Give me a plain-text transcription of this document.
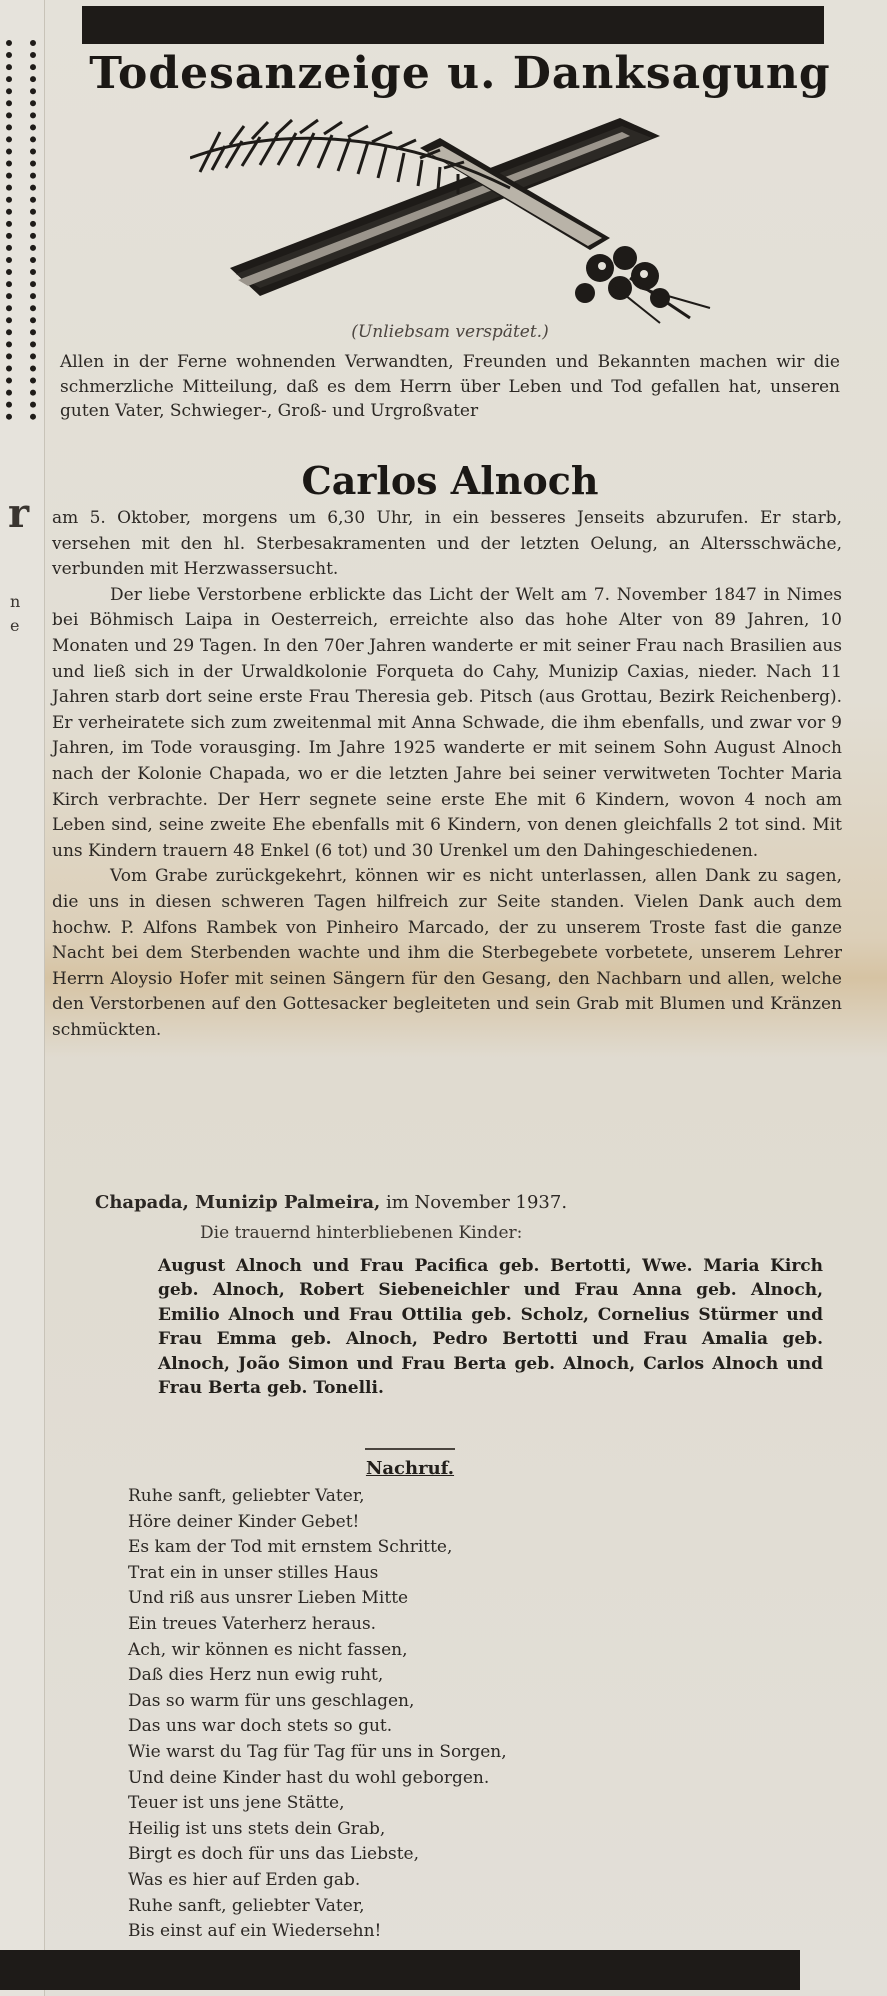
r
n
e
Todesanzeige u. Danksagung
(Unliebsam verspätet.)
Allen in der Ferne wohnenden Verwandten, Freunden und Bekannten machen wir die schmerzliche Mitteilung, daß es dem Herrn über Leben und Tod gefallen hat, unseren guten Vater, Schwieger-, Groß- und Urgroßvater
Carlos Alnoch

am 5. Oktober, morgens um 6,30 Uhr, in ein besseres Jenseits abzurufen. Er starb, versehen mit den hl. Sterbesakramenten und der letzten Oelung, an Altersschwäche, verbunden mit Herzwassersucht.

Der liebe Verstorbene erblickte das Licht der Welt am 7. November 1847 in Nimes bei Böhmisch Laipa in Oesterreich, erreichte also das hohe Alter von 89 Jahren, 10 Monaten und 29 Tagen. In den 70er Jahren wanderte er mit seiner Frau nach Brasilien aus und ließ sich in der Urwaldkolonie Forqueta do Cahy, Munizip Caxias, nieder. Nach 11 Jahren starb dort seine erste Frau Theresia geb. Pitsch (aus Grottau, Bezirk Reichenberg). Er verheiratete sich zum zweitenmal mit Anna Schwade, die ihm ebenfalls, und zwar vor 9 Jahren, im Tode vorausging. Im Jahre 1925 wanderte er mit seinem Sohn August Alnoch nach der Kolonie Chapada, wo er die letzten Jahre bei seiner verwitweten Tochter Maria Kirch verbrachte. Der Herr segnete seine erste Ehe mit 6 Kindern, wovon 4 noch am Leben sind, seine zweite Ehe ebenfalls mit 6 Kindern, von denen gleichfalls 2 tot sind. Mit uns Kindern trauern 48 Enkel (6 tot) und 30 Urenkel um den Dahingeschiedenen.

Vom Grabe zurückgekehrt, können wir es nicht unterlassen, allen Dank zu sagen, die uns in diesen schweren Tagen hilfreich zur Seite standen. Vielen Dank auch dem hochw. P. Alfons Rambek von Pinheiro Marcado, der zu unserem Troste fast die ganze Nacht bei dem Sterbenden wachte und ihm die Sterbegebete vorbetete, unserem Lehrer Herrn Aloysio Hofer mit seinen Sängern für den Gesang, den Nachbarn und allen, welche den Verstorbenen auf den Gottesacker begleiteten und sein Grab mit Blumen und Kränzen schmückten.

Chapada, Munizip Palmeira, im November 1937.
Die trauernd hinterbliebenen Kinder:
August Alnoch und Frau Pacifica geb. Bertotti, Wwe. Maria Kirch geb. Alnoch, Robert Siebeneichler und Frau Anna geb. Alnoch, Emilio Alnoch und Frau Ottilia geb. Scholz, Cornelius Stürmer und Frau Emma geb. Alnoch, Pedro Bertotti und Frau Amalia geb. Alnoch, João Simon und Frau Berta geb. Alnoch, Carlos Alnoch und Frau Berta geb. Tonelli.
Nachruf.
Ruhe sanft, geliebter Vater,
Höre deiner Kinder Gebet!
Es kam der Tod mit ernstem Schritte,
Trat ein in unser stilles Haus
Und riß aus unsrer Lieben Mitte
Ein treues Vaterherz heraus.
Ach, wir können es nicht fassen,
Daß dies Herz nun ewig ruht,
Das so warm für uns geschlagen,
Das uns war doch stets so gut.
Wie warst du Tag für Tag für uns in Sorgen,
Und deine Kinder hast du wohl geborgen.
Teuer ist uns jene Stätte,
Heilig ist uns stets dein Grab,
Birgt es doch für uns das Liebste,
Was es hier auf Erden gab.
Ruhe sanft, geliebter Vater,
Bis einst auf ein Wiedersehn!
